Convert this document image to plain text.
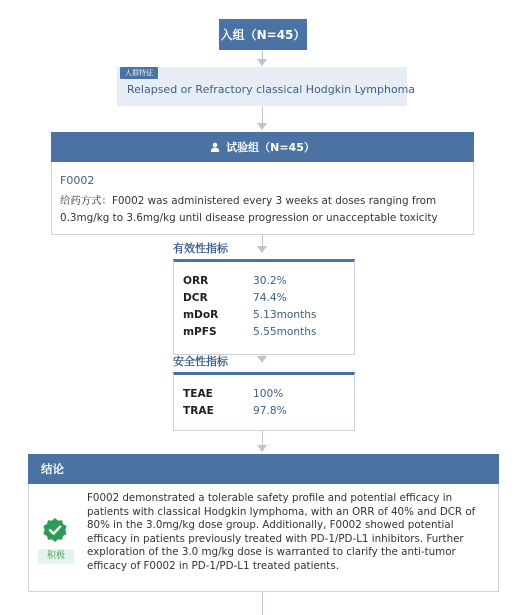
入组（N=45）
人群特征
Relapsed or Refractory classical Hodgkin Lymphoma
试验组（N=45）
F0002
给药方式：F0002 was administered every 3 weeks at doses ranging from 0.3mg/kg to 3.6mg/kg until disease progression or unacceptable toxicity
有效性指标
ORR	30.2%
DCR	74.4%
mDoR	5.13months
mPFS	5.55months
安全性指标
TEAE	100%
TRAE	97.8%
结论
积极
F0002 demonstrated a tolerable safety profile and potential efficacy in patients with classical Hodgkin lymphoma, with an ORR of 40% and DCR of 80% in the 3.0mg/kg dose group. Additionally, F0002 showed potential efficacy in patients previously treated with PD-1/PD-L1 inhibitors. Further exploration of the 3.0 mg/kg dose is warranted to clarify the anti-tumor efficacy of F0002 in PD-1/PD-L1 treated patients.
